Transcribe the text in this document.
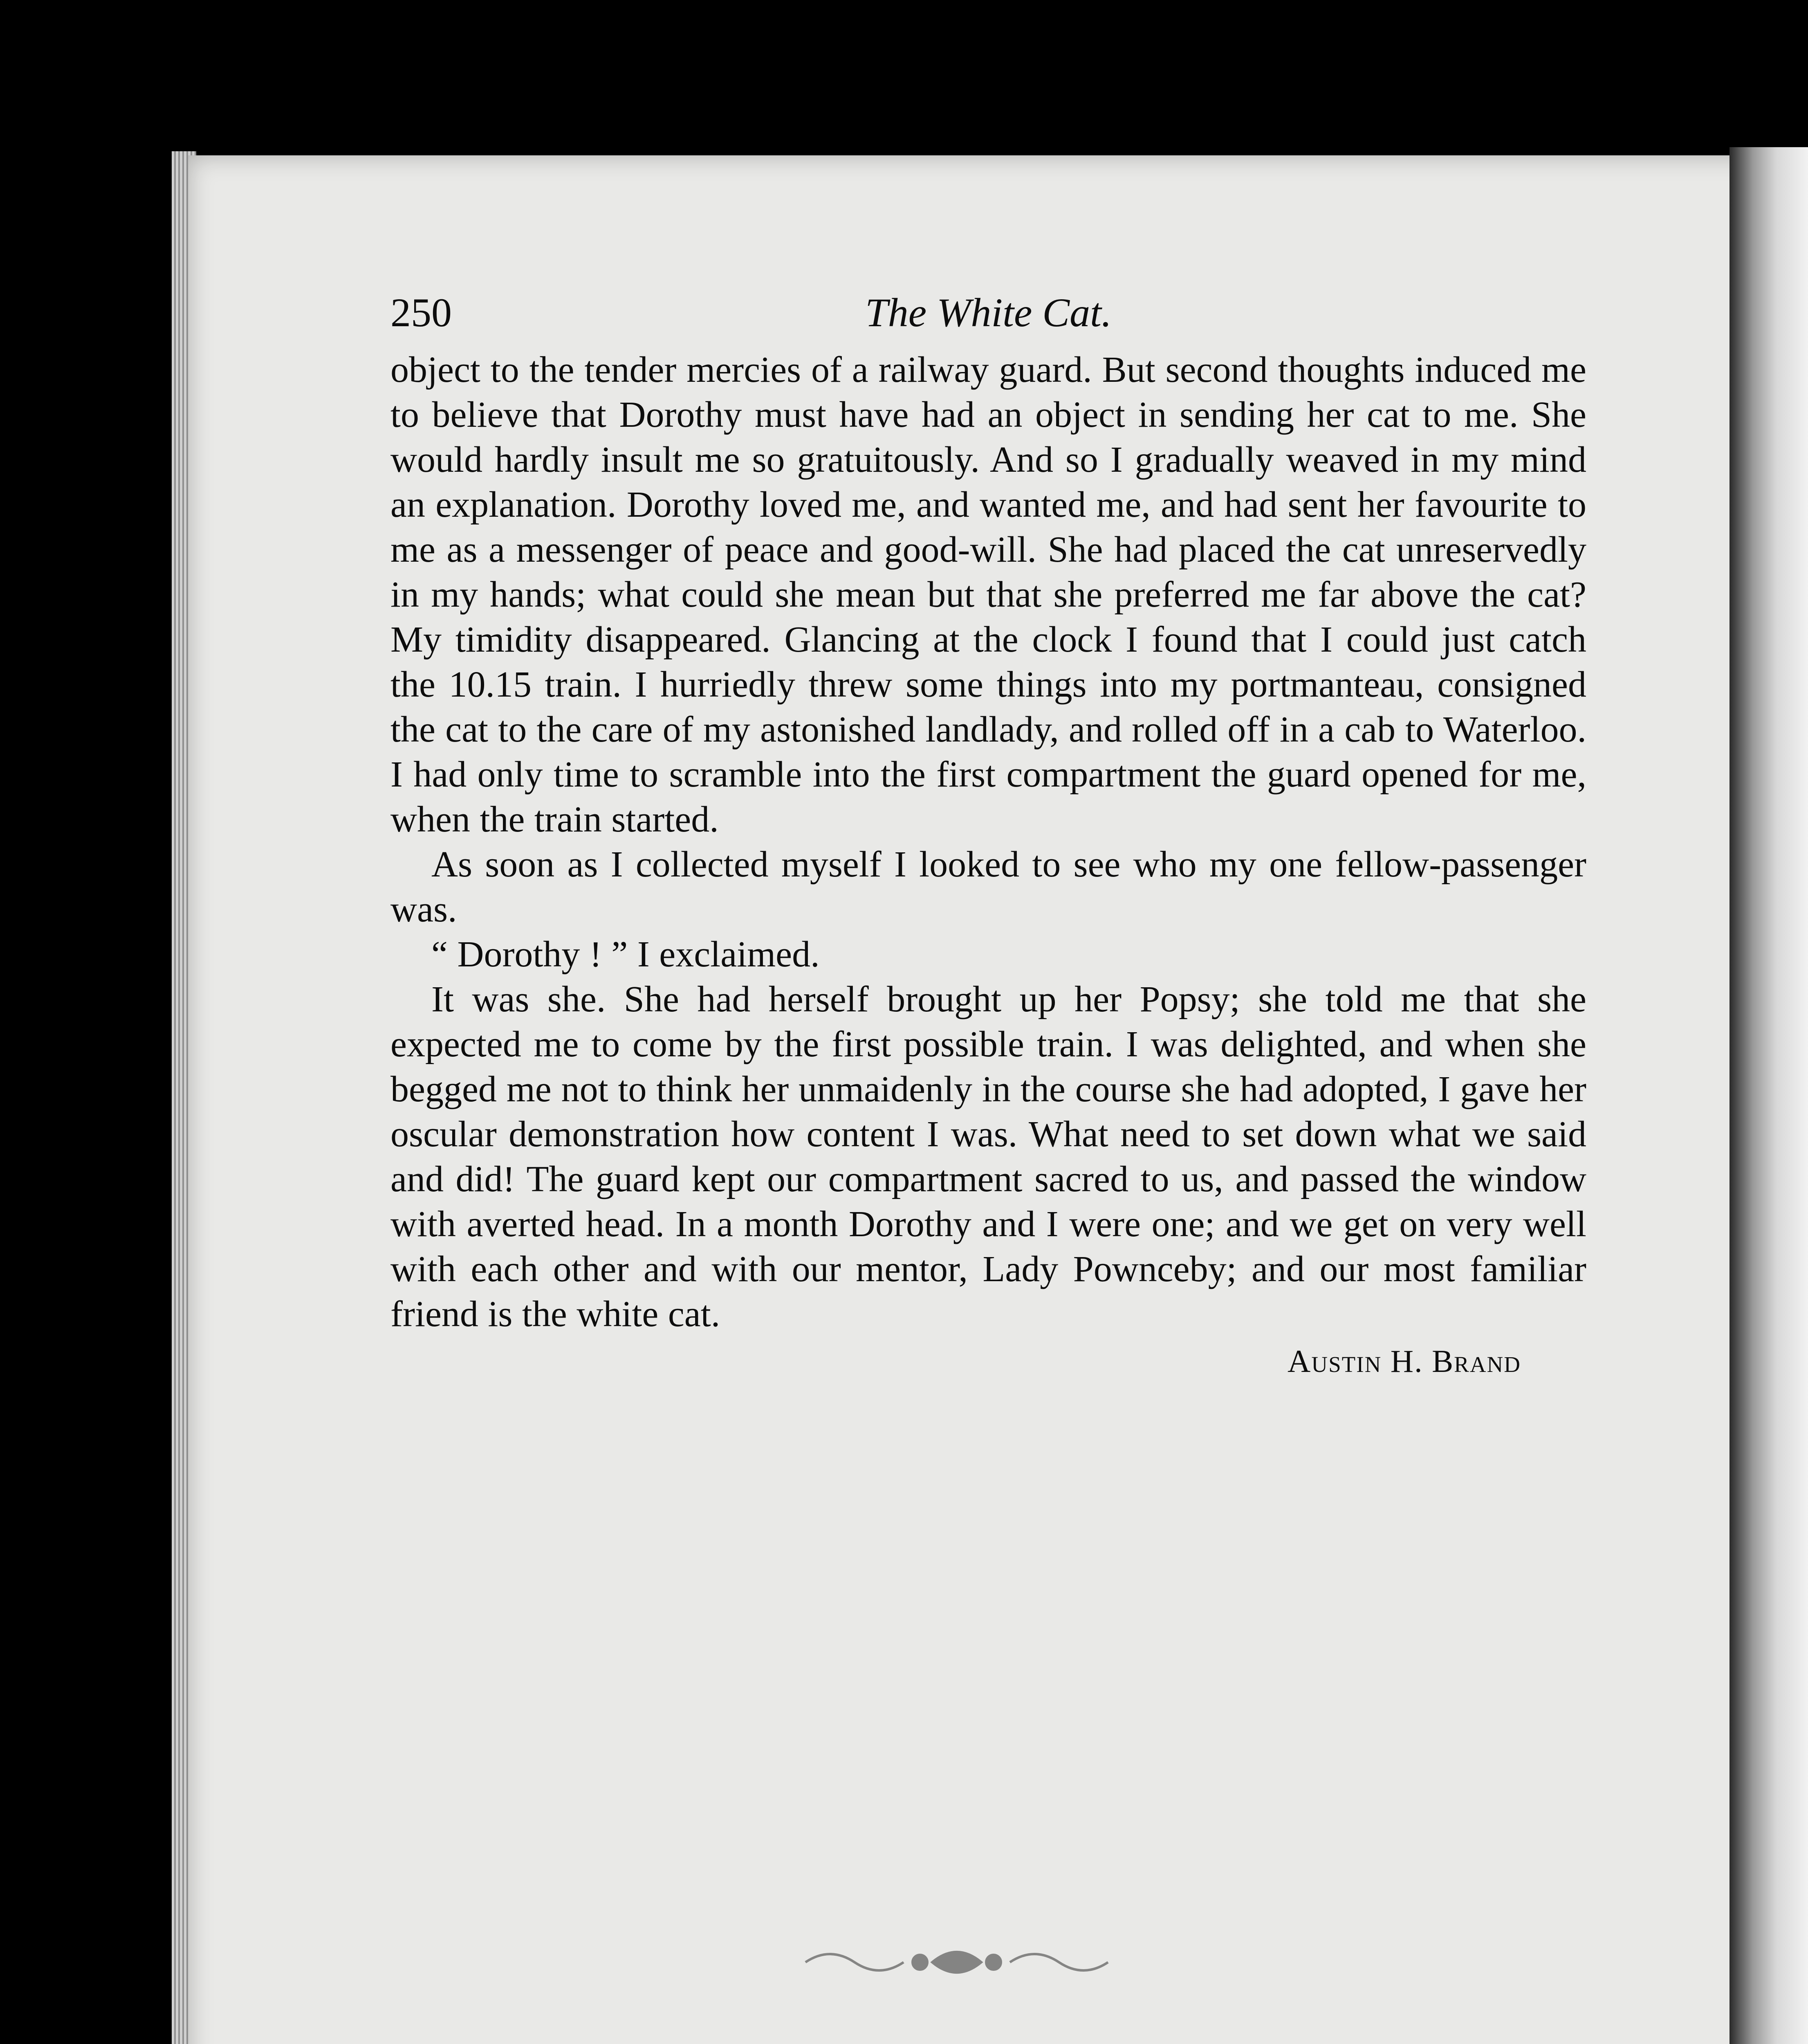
250	The White Cat.

object to the tender mercies of a railway guard. But second thoughts induced me to believe that Dorothy must have had an object in sending her cat to me. She would hardly insult me so gratuitously. And so I gradually weaved in my mind an explanation. Dorothy loved me, and wanted me, and had sent her favourite to me as a messenger of peace and good-will. She had placed the cat unreservedly in my hands; what could she mean but that she preferred me far above the cat? My timidity disappeared. Glancing at the clock I found that I could just catch the 10.15 train. I hurriedly threw some things into my portmanteau, consigned the cat to the care of my astonished landlady, and rolled off in a cab to Waterloo. I had only time to scramble into the first compartment the guard opened for me, when the train started.

As soon as I collected myself I looked to see who my one fellow-passenger was.

“ Dorothy ! ” I exclaimed.

It was she. She had herself brought up her Popsy; she told me that she expected me to come by the first possible train. I was delighted, and when she begged me not to think her unmaidenly in the course she had adopted, I gave her oscular demonstration how content I was. What need to set down what we said and did! The guard kept our compartment sacred to us, and passed the window with averted head. In a month Dorothy and I were one; and we get on very well with each other and with our mentor, Lady Pownceby; and our most familiar friend is the white cat.

Austin H. Brand
